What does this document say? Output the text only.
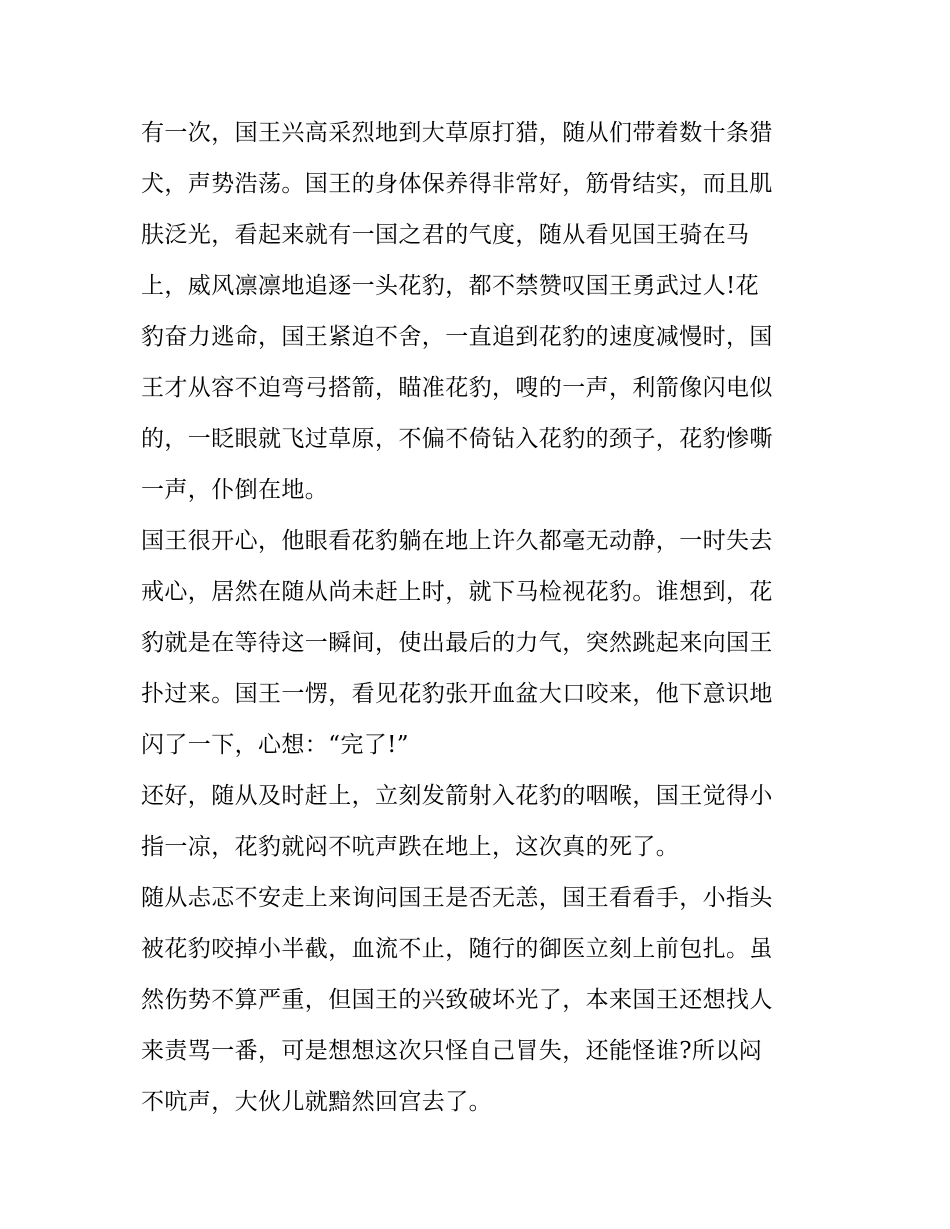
有一次，国王兴高采烈地到大草原打猎，随从们带着数十条猎
犬，声势浩荡。国王的身体保养得非常好，筋骨结实，而且肌
肤泛光，看起来就有一国之君的气度，随从看见国王骑在马
上，威风凛凛地追逐一头花豹，都不禁赞叹国王勇武过人!花
豹奋力逃命，国王紧迫不舍，一直追到花豹的速度减慢时，国
王才从容不迫弯弓搭箭，瞄准花豹，嗖的一声，利箭像闪电似
的，一眨眼就飞过草原，不偏不倚钻入花豹的颈子，花豹惨嘶
一声，仆倒在地。
国王很开心，他眼看花豹躺在地上许久都毫无动静，一时失去
戒心，居然在随从尚未赶上时，就下马检视花豹。谁想到，花
豹就是在等待这一瞬间，使出最后的力气，突然跳起来向国王
扑过来。国王一愣，看见花豹张开血盆大口咬来，他下意识地
闪了一下，心想：“完了!”
还好，随从及时赶上，立刻发箭射入花豹的咽喉，国王觉得小
指一凉，花豹就闷不吭声跌在地上，这次真的死了。
随从忐忑不安走上来询问国王是否无恙，国王看看手，小指头
被花豹咬掉小半截，血流不止，随行的御医立刻上前包扎。虽
然伤势不算严重，但国王的兴致破坏光了，本来国王还想找人
来责骂一番，可是想想这次只怪自己冒失，还能怪谁?所以闷
不吭声，大伙儿就黯然回宫去了。
